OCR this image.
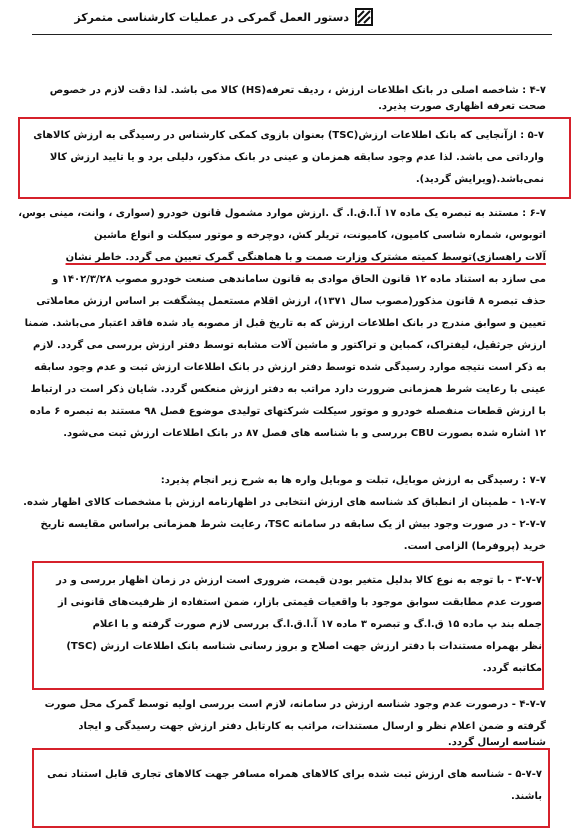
دستور العمل گمرکی در عملیات کارشناسی متمرکز
۴-۷ : شاخصه اصلی در بانک اطلاعات ارزش ، ردیف تعرفه(HS) کالا می باشد. لذا دقت لازم در خصوص
صحت تعرفه اظهاری صورت پذیرد.
۵-۷ : ازآنجایی که بانک اطلاعات ارزش(TSC) بعنوان بازوی کمکی کارشناس در رسیدگی به ارزش کالاهای
وارداتی می باشد. لذا عدم وجود سابقه همزمان و عینی در بانک مذکور، دلیلی برد و یا تایید ارزش کالا
نمی‌باشد.(ویرایش گردید).
۶-۷ : مستند به تبصره یک ماده ۱۷ آ.ا.ق.ا. گ .ارزش موارد مشمول قانون خودرو (سواری ، وانت، مینی بوس،
اتوبوس، شماره شاسی کامیون، کامیونت، تریلر کش، دوچرخه و موتور سیکلت و انواع ماشین
آلات راهسازی)توسط کمیته مشترک وزارت صمت و با هماهنگی گمرک تعیین می گردد. خاطر نشان
می سازد به استناد ماده ۱۲ قانون الحاق موادی به قانون ساماندهی صنعت خودرو مصوب ۱۴۰۲/۳/۲۸ و
حذف تبصره ۸ قانون مذکور(مصوب سال ۱۳۷۱)، ارزش اقلام مستعمل پیشگفت بر اساس ارزش معاملاتی
تعیین و سوابق مندرج در بانک اطلاعات ارزش که به تاریخ قبل از مصوبه یاد شده فاقد اعتبار می‌باشد. ضمنا
ارزش جرثقیل، لیفتراک، کمباین و تراکتور و ماشین آلات مشابه توسط دفتر ارزش بررسی می گردد. لازم
به ذکر است نتیجه موارد رسیدگی شده توسط دفتر ارزش در بانک اطلاعات ارزش ثبت و عدم وجود سابقه
عینی با رعایت شرط همزمانی ضرورت دارد مراتب به دفتر ارزش منعکس گردد. شایان ذکر است در ارتباط
با ارزش قطعات منفصله خودرو و موتور سیکلت شرکتهای تولیدی موضوع فصل ۹۸ مستند به تبصره ۶ ماده
۱۲ اشاره شده بصورت CBU بررسی و با شناسه های فصل ۸۷ در بانک اطلاعات ارزش ثبت می‌شود.
۷-۷ : رسیدگی به ارزش موبایل، تبلت و موبایل واره ها به شرح زیر انجام پذیرد:
۱-۷-۷ - طمینان از انطباق کد شناسه های ارزش انتخابی در اظهارنامه ارزش با مشخصات کالای اظهار شده.
۲-۷-۷ - در صورت وجود بیش از یک سابقه در سامانه TSC، رعایت شرط همزمانی براساس مقایسه تاریخ
خرید (پروفرما) الزامی است.
۳-۷-۷ - با توجه به نوع کالا بدلیل متغیر بودن قیمت، ضروری است ارزش در زمان اظهار بررسی و در
صورت عدم مطابقت سوابق موجود با واقعیات قیمتی بازار، ضمن استفاده از ظرفیت‌های قانونی از
جمله بند پ ماده ۱۵ ق.ا.گ و تبصره ۳ ماده ۱۷ آ.ا.ق.ا.گ بررسی لازم صورت گرفته و با اعلام
نظر بهمراه مستندات با دفتر ارزش جهت اصلاح و بروز رسانی شناسه بانک اطلاعات ارزش (TSC)
مکاتبه گردد.
۴-۷-۷ - درصورت عدم وجود شناسه ارزش در سامانه، لازم است بررسی اولیه توسط گمرک محل صورت
گرفته و ضمن اعلام نظر و ارسال مستندات، مراتب به کارتابل دفتر ارزش جهت رسیدگی و ایجاد
شناسه ارسال گردد.
۵-۷-۷ - شناسه های ارزش ثبت شده برای کالاهای همراه مسافر جهت کالاهای تجاری قابل استناد نمی
باشند.
